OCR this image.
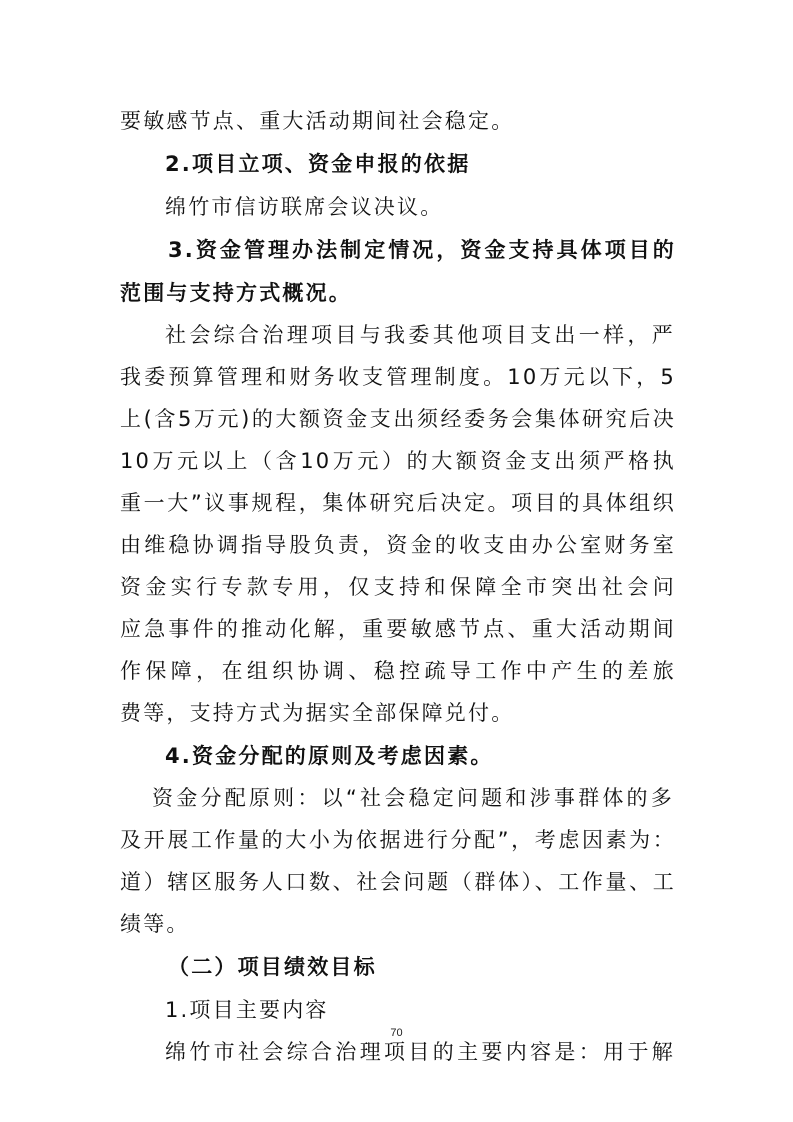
要敏感节点、重大活动期间社会稳定。
2.项目立项、资金申报的依据
绵竹市信访联席会议决议。
3.资金管理办法制定情况，资金支持具体项目的
范围与支持方式概况。
社会综合治理项目与我委其他项目支出一样，严
我委预算管理和财务收支管理制度。10万元以下，5
上(含5万元)的大额资金支出须经委务会集体研究后决
10万元以上（含10万元）的大额资金支出须严格执
重一大”议事规程，集体研究后决定。项目的具体组织
由维稳协调指导股负责，资金的收支由办公室财务室
资金实行专款专用，仅支持和保障全市突出社会问
应急事件的推动化解，重要敏感节点、重大活动期间
作保障，在组织协调、稳控疏导工作中产生的差旅
费等，支持方式为据实全部保障兑付。
4.资金分配的原则及考虑因素。
资金分配原则：以“社会稳定问题和涉事群体的多
及开展工作量的大小为依据进行分配”，考虑因素为：
道）辖区服务人口数、社会问题（群体）、工作量、工
绩等。
（二）项目绩效目标
1.项目主要内容
绵竹市社会综合治理项目的主要内容是：用于解
70
